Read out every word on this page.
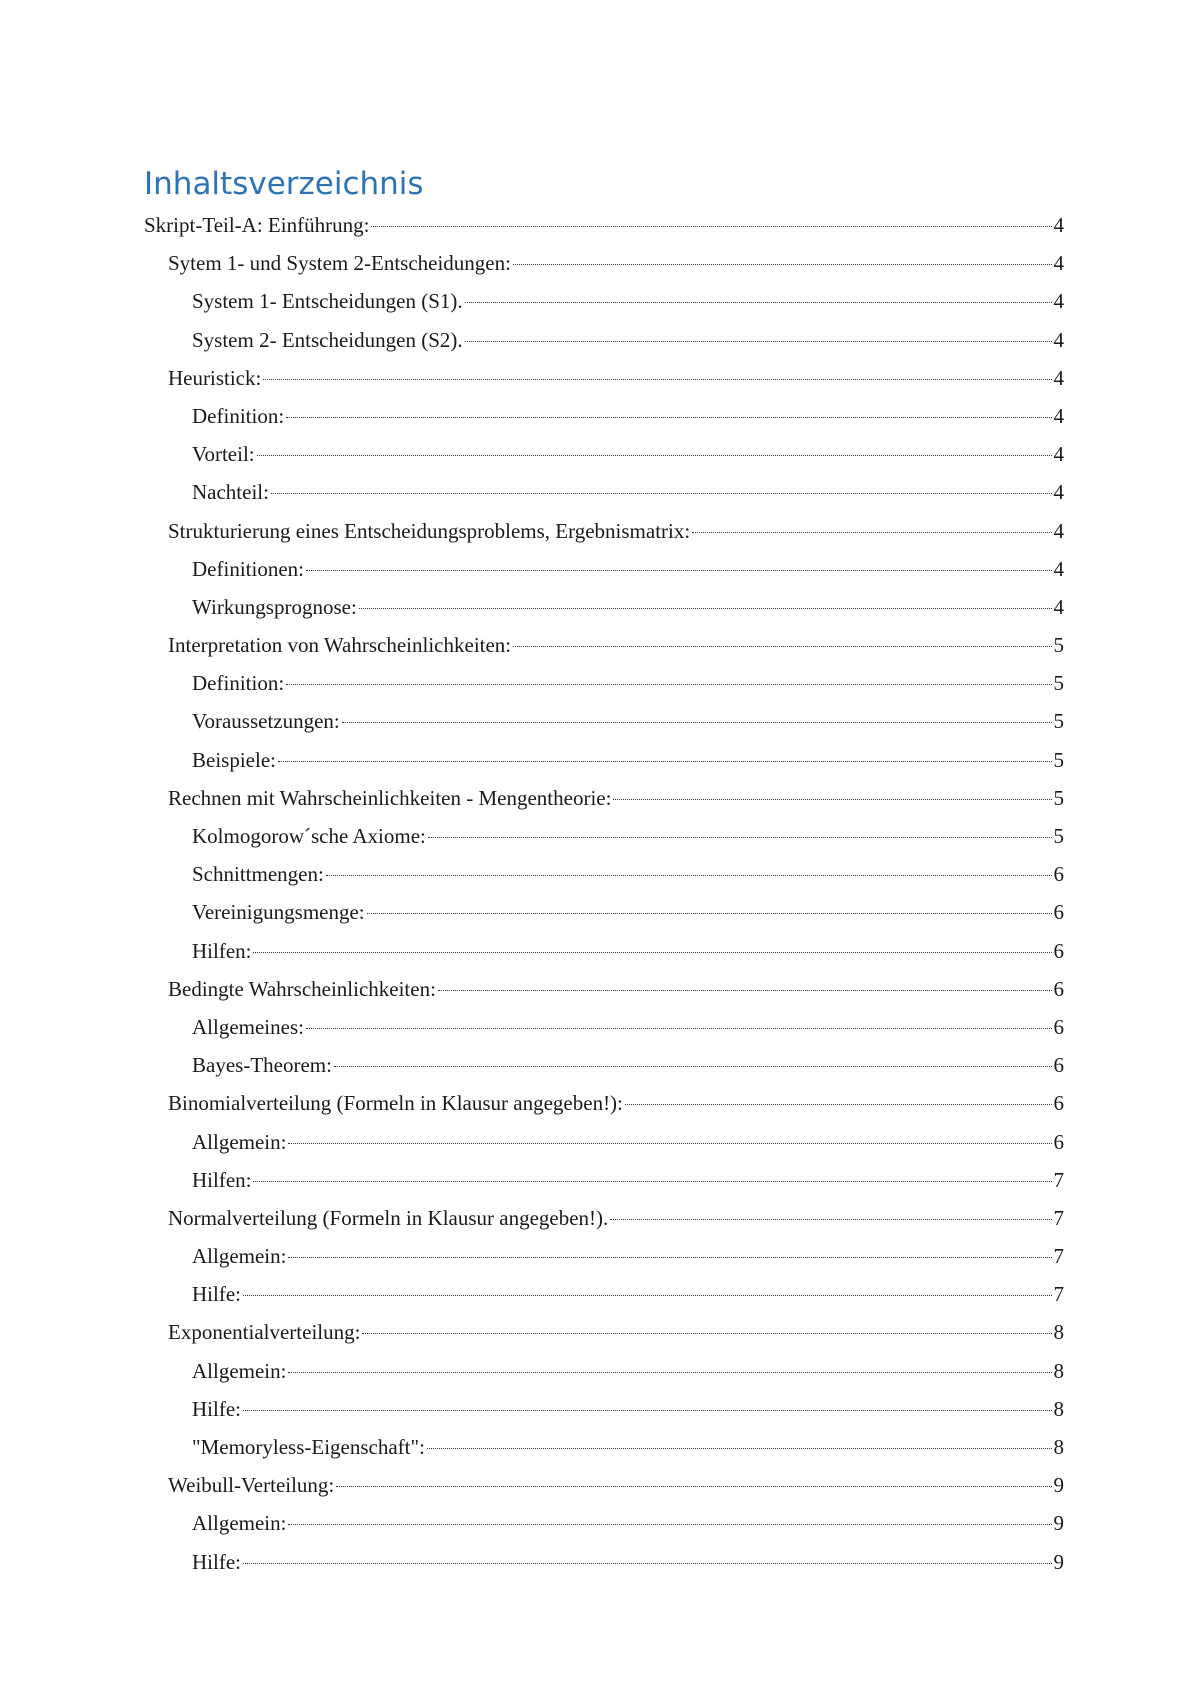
Inhaltsverzeichnis
Skript-Teil-A: Einführung:	4
Sytem 1- und System 2-Entscheidungen:	4
System 1- Entscheidungen (S1).	4
System 2- Entscheidungen (S2).	4
Heuristick:	4
Definition:	4
Vorteil:	4
Nachteil:	4
Strukturierung eines Entscheidungsproblems, Ergebnismatrix:	4
Definitionen:	4
Wirkungsprognose:	4
Interpretation von Wahrscheinlichkeiten:	5
Definition:	5
Voraussetzungen:	5
Beispiele:	5
Rechnen mit Wahrscheinlichkeiten - Mengentheorie:	5
Kolmogorow´sche Axiome:	5
Schnittmengen:	6
Vereinigungsmenge:	6
Hilfen:	6
Bedingte Wahrscheinlichkeiten:	6
Allgemeines:	6
Bayes-Theorem:	6
Binomialverteilung (Formeln in Klausur angegeben!):	6
Allgemein:	6
Hilfen:	7
Normalverteilung (Formeln in Klausur angegeben!).	7
Allgemein:	7
Hilfe:	7
Exponentialverteilung:	8
Allgemein:	8
Hilfe:	8
"Memoryless-Eigenschaft":	8
Weibull-Verteilung:	9
Allgemein:	9
Hilfe:	9
